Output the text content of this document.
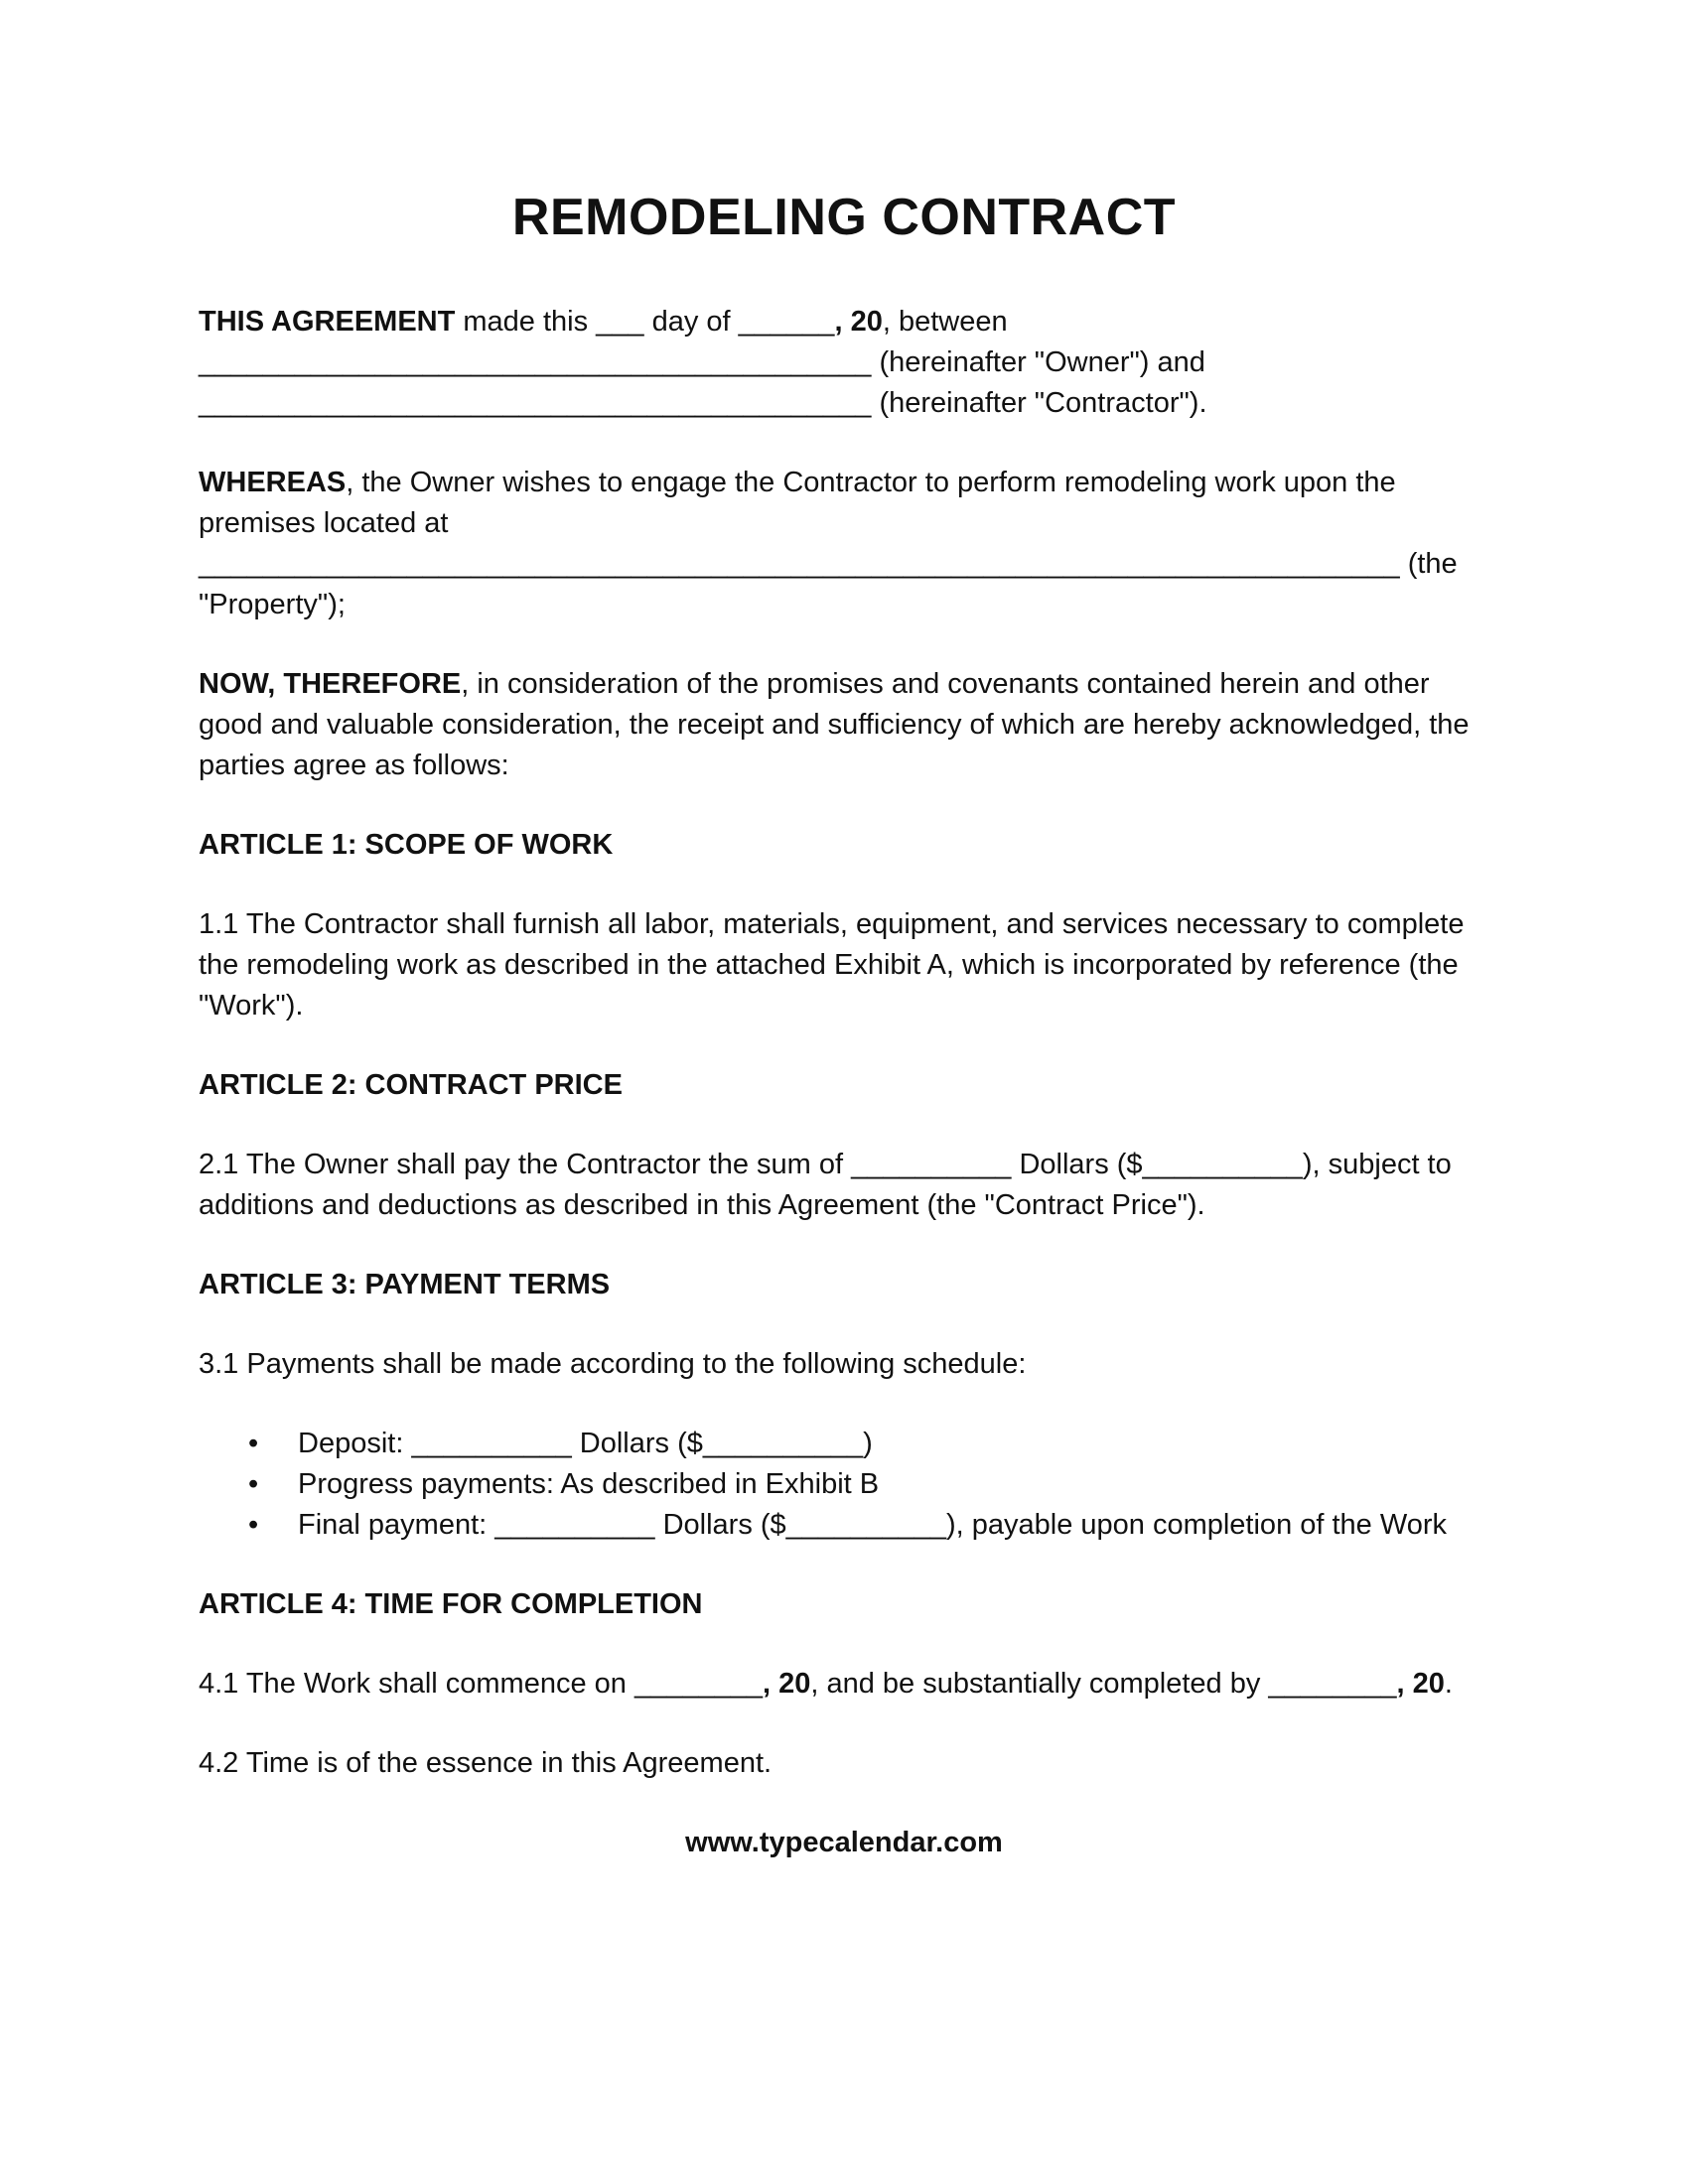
REMODELING CONTRACT

THIS AGREEMENT made this ___ day of ______, 20, between

__________________________________________ (hereinafter "Owner") and

__________________________________________ (hereinafter "Contractor").

WHEREAS, the Owner wishes to engage the Contractor to perform remodeling work upon the premises located at

___________________________________________________________________________ (the "Property");

NOW, THEREFORE, in consideration of the promises and covenants contained herein and other good and valuable consideration, the receipt and sufficiency of which are hereby acknowledged, the parties agree as follows:

ARTICLE 1: SCOPE OF WORK

1.1 The Contractor shall furnish all labor, materials, equipment, and services necessary to complete the remodeling work as described in the attached Exhibit A, which is incorporated by reference (the "Work").

ARTICLE 2: CONTRACT PRICE

2.1 The Owner shall pay the Contractor the sum of __________ Dollars ($__________), subject to additions and deductions as described in this Agreement (the "Contract Price").

ARTICLE 3: PAYMENT TERMS

3.1 Payments shall be made according to the following schedule:

• Deposit: __________ Dollars ($__________)
• Progress payments: As described in Exhibit B
• Final payment: __________ Dollars ($__________), payable upon completion of the Work
ARTICLE 4: TIME FOR COMPLETION

4.1 The Work shall commence on ________, 20, and be substantially completed by ________, 20.

4.2 Time is of the essence in this Agreement.

www.typecalendar.com
